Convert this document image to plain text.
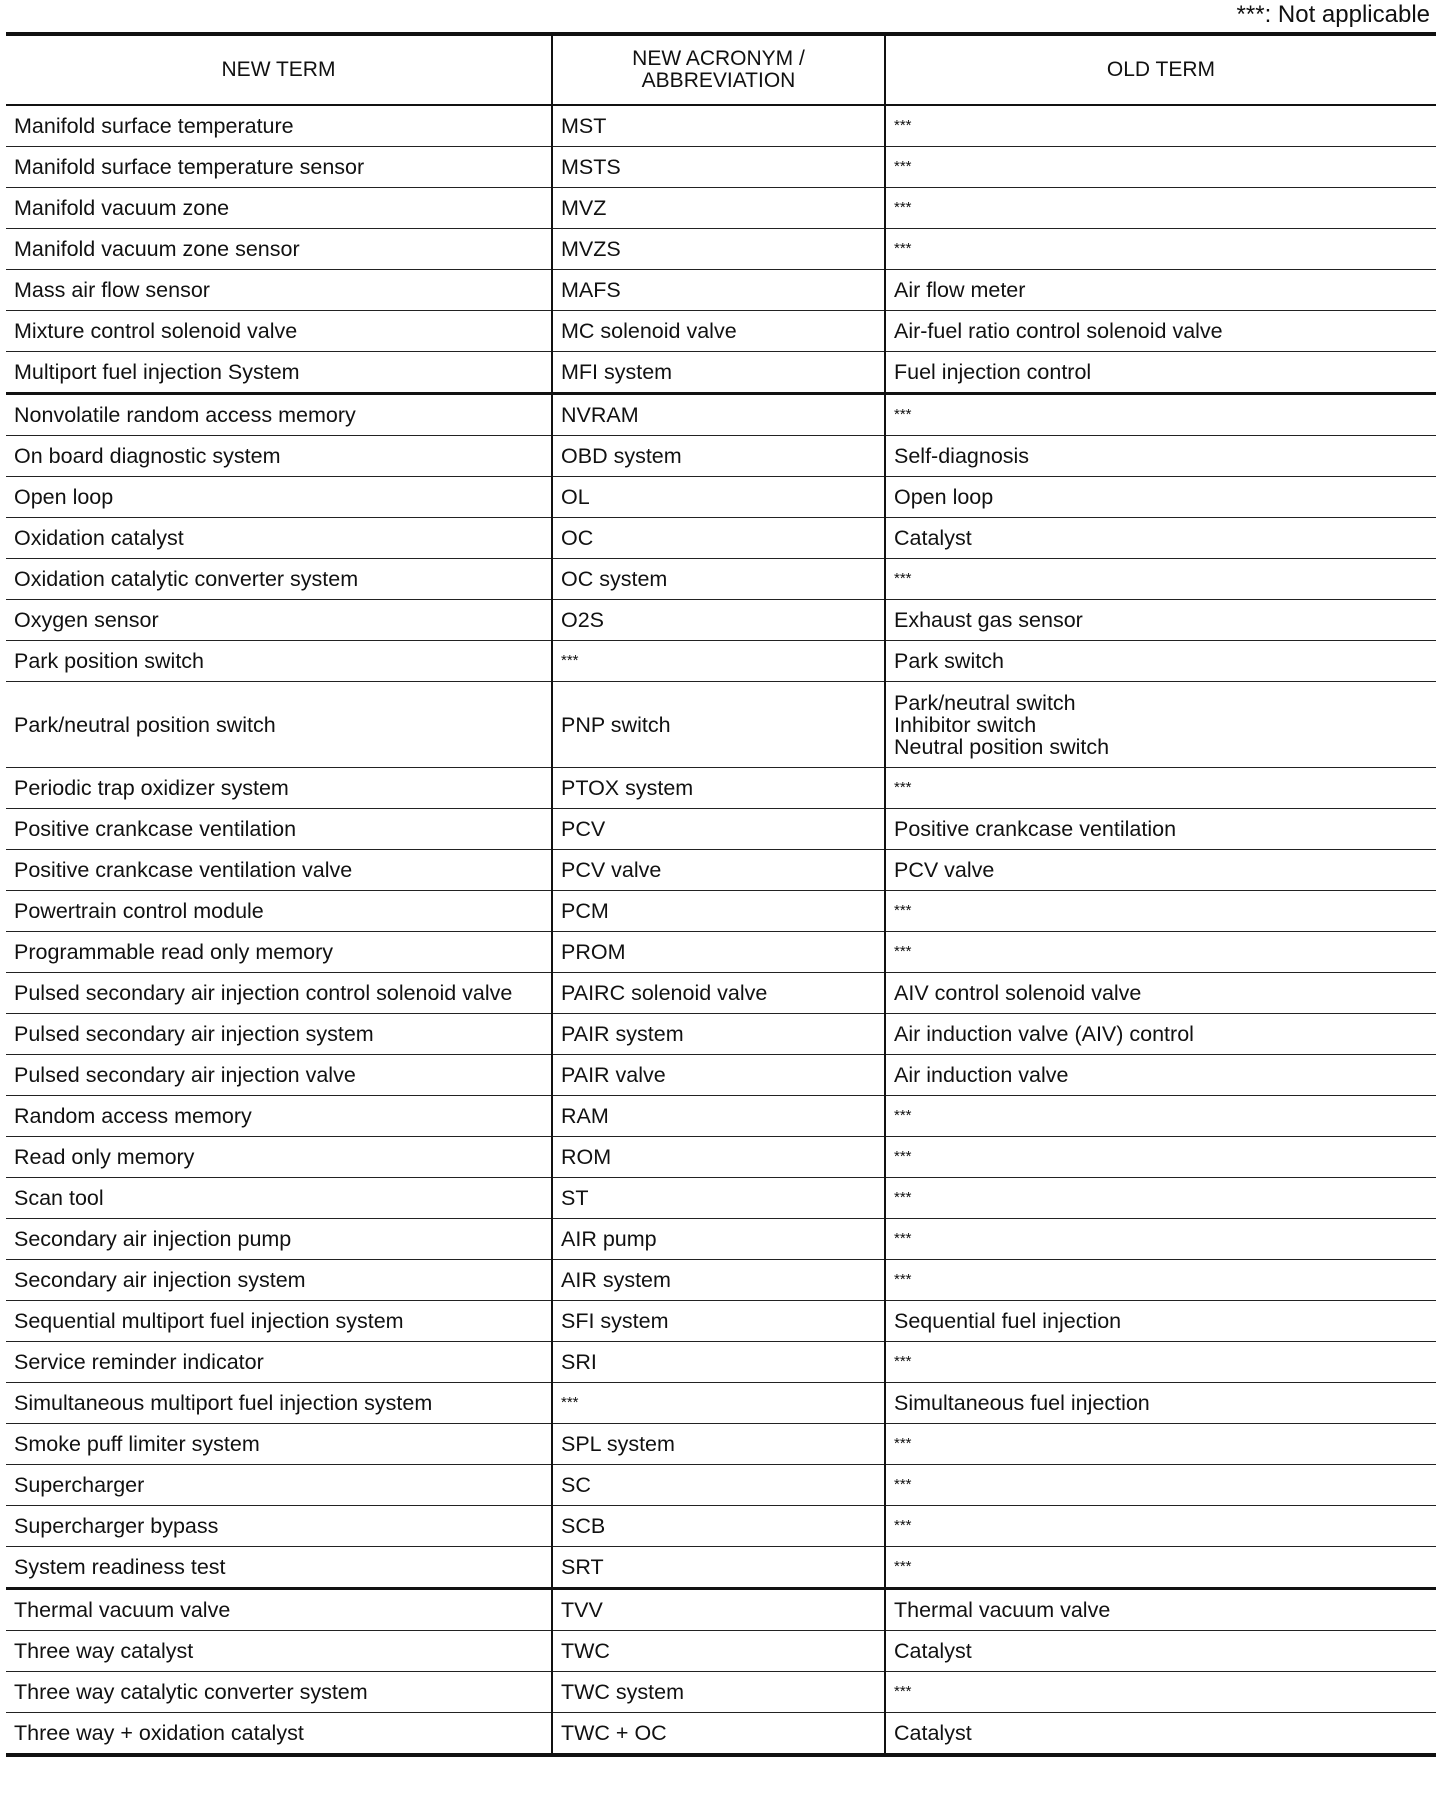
***: Not applicable
NEW TERM	NEW ACRONYM /
ABBREVIATION	OLD TERM
Manifold surface temperature	MST	***
Manifold surface temperature sensor	MSTS	***
Manifold vacuum zone	MVZ	***
Manifold vacuum zone sensor	MVZS	***
Mass air flow sensor	MAFS	Air flow meter
Mixture control solenoid valve	MC solenoid valve	Air-fuel ratio control solenoid valve
Multiport fuel injection System	MFI system	Fuel injection control
Nonvolatile random access memory	NVRAM	***
On board diagnostic system	OBD system	Self-diagnosis
Open loop	OL	Open loop
Oxidation catalyst	OC	Catalyst
Oxidation catalytic converter system	OC system	***
Oxygen sensor	O2S	Exhaust gas sensor
Park position switch	***	Park switch
Park/neutral position switch	PNP switch	Park/neutral switch
Inhibitor switch
Neutral position switch
Periodic trap oxidizer system	PTOX system	***
Positive crankcase ventilation	PCV	Positive crankcase ventilation
Positive crankcase ventilation valve	PCV valve	PCV valve
Powertrain control module	PCM	***
Programmable read only memory	PROM	***
Pulsed secondary air injection control solenoid valve	PAIRC solenoid valve	AIV control solenoid valve
Pulsed secondary air injection system	PAIR system	Air induction valve (AIV) control
Pulsed secondary air injection valve	PAIR valve	Air induction valve
Random access memory	RAM	***
Read only memory	ROM	***
Scan tool	ST	***
Secondary air injection pump	AIR pump	***
Secondary air injection system	AIR system	***
Sequential multiport fuel injection system	SFI system	Sequential fuel injection
Service reminder indicator	SRI	***
Simultaneous multiport fuel injection system	***	Simultaneous fuel injection
Smoke puff limiter system	SPL system	***
Supercharger	SC	***
Supercharger bypass	SCB	***
System readiness test	SRT	***
Thermal vacuum valve	TVV	Thermal vacuum valve
Three way catalyst	TWC	Catalyst
Three way catalytic converter system	TWC system	***
Three way + oxidation catalyst	TWC + OC	Catalyst
